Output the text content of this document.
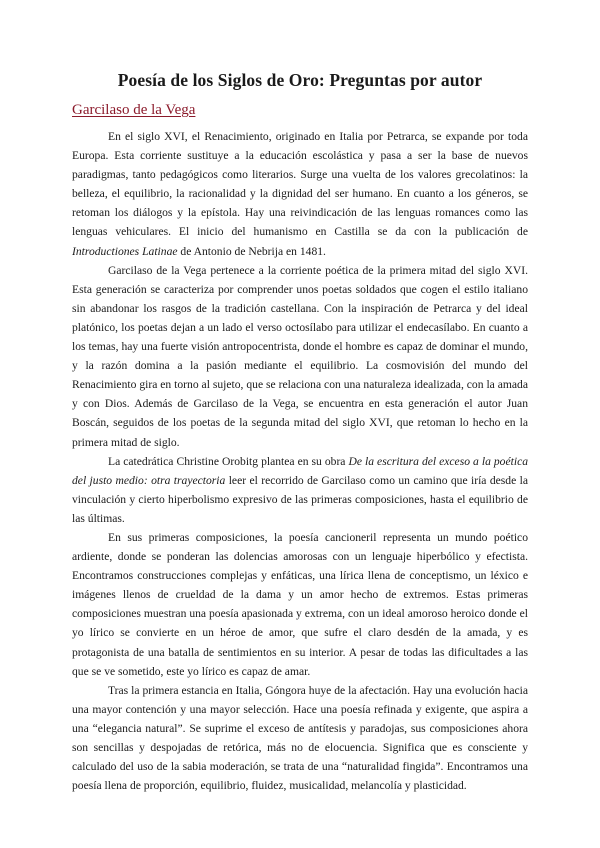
Poesía de los Siglos de Oro: Preguntas por autor
Garcilaso de la Vega

En el siglo XVI, el Renacimiento, originado en Italia por Petrarca, se expande por toda Europa. Esta corriente sustituye a la educación escolástica y pasa a ser la base de nuevos paradigmas, tanto pedagógicos como literarios. Surge una vuelta de los valores grecolatinos: la belleza, el equilibrio, la racionalidad y la dignidad del ser humano. En cuanto a los géneros, se retoman los diálogos y la epístola. Hay una reivindicación de las lenguas romances como las lenguas vehiculares. El inicio del humanismo en Castilla se da con la publicación de Introductiones Latinae de Antonio de Nebrija en 1481.

Garcilaso de la Vega pertenece a la corriente poética de la primera mitad del siglo XVI. Esta generación se caracteriza por comprender unos poetas soldados que cogen el estilo italiano sin abandonar los rasgos de la tradición castellana. Con la inspiración de Petrarca y del ideal platónico, los poetas dejan a un lado el verso octosílabo para utilizar el endecasílabo. En cuanto a los temas, hay una fuerte visión antropocentrista, donde el hombre es capaz de dominar el mundo, y la razón domina a la pasión mediante el equilibrio. La cosmovisión del mundo del Renacimiento gira en torno al sujeto, que se relaciona con una naturaleza idealizada, con la amada y con Dios. Además de Garcilaso de la Vega, se encuentra en esta generación el autor Juan Boscán, seguidos de los poetas de la segunda mitad del siglo XVI, que retoman lo hecho en la primera mitad de siglo.

La catedrática Christine Orobitg plantea en su obra De la escritura del exceso a la poética del justo medio: otra trayectoria leer el recorrido de Garcilaso como un camino que iría desde la vinculación y cierto hiperbolismo expresivo de las primeras composiciones, hasta el equilibrio de las últimas.

En sus primeras composiciones, la poesía cancioneril representa un mundo poético ardiente, donde se ponderan las dolencias amorosas con un lenguaje hiperbólico y efectista. Encontramos construcciones complejas y enfáticas, una lírica llena de conceptismo, un léxico e imágenes llenos de crueldad de la dama y un amor hecho de extremos. Estas primeras composiciones muestran una poesía apasionada y extrema, con un ideal amoroso heroico donde el yo lírico se convierte en un héroe de amor, que sufre el claro desdén de la amada, y es protagonista de una batalla de sentimientos en su interior. A pesar de todas las dificultades a las que se ve sometido, este yo lírico es capaz de amar.

Tras la primera estancia en Italia, Góngora huye de la afectación. Hay una evolución hacia una mayor contención y una mayor selección. Hace una poesía refinada y exigente, que aspira a una “elegancia natural”. Se suprime el exceso de antítesis y paradojas, sus composiciones ahora son sencillas y despojadas de retórica, más no de elocuencia. Significa que es consciente y calculado del uso de la sabia moderación, se trata de una “naturalidad fingida”. Encontramos una poesía llena de proporción, equilibrio, fluidez, musicalidad, melancolía y plasticidad.
